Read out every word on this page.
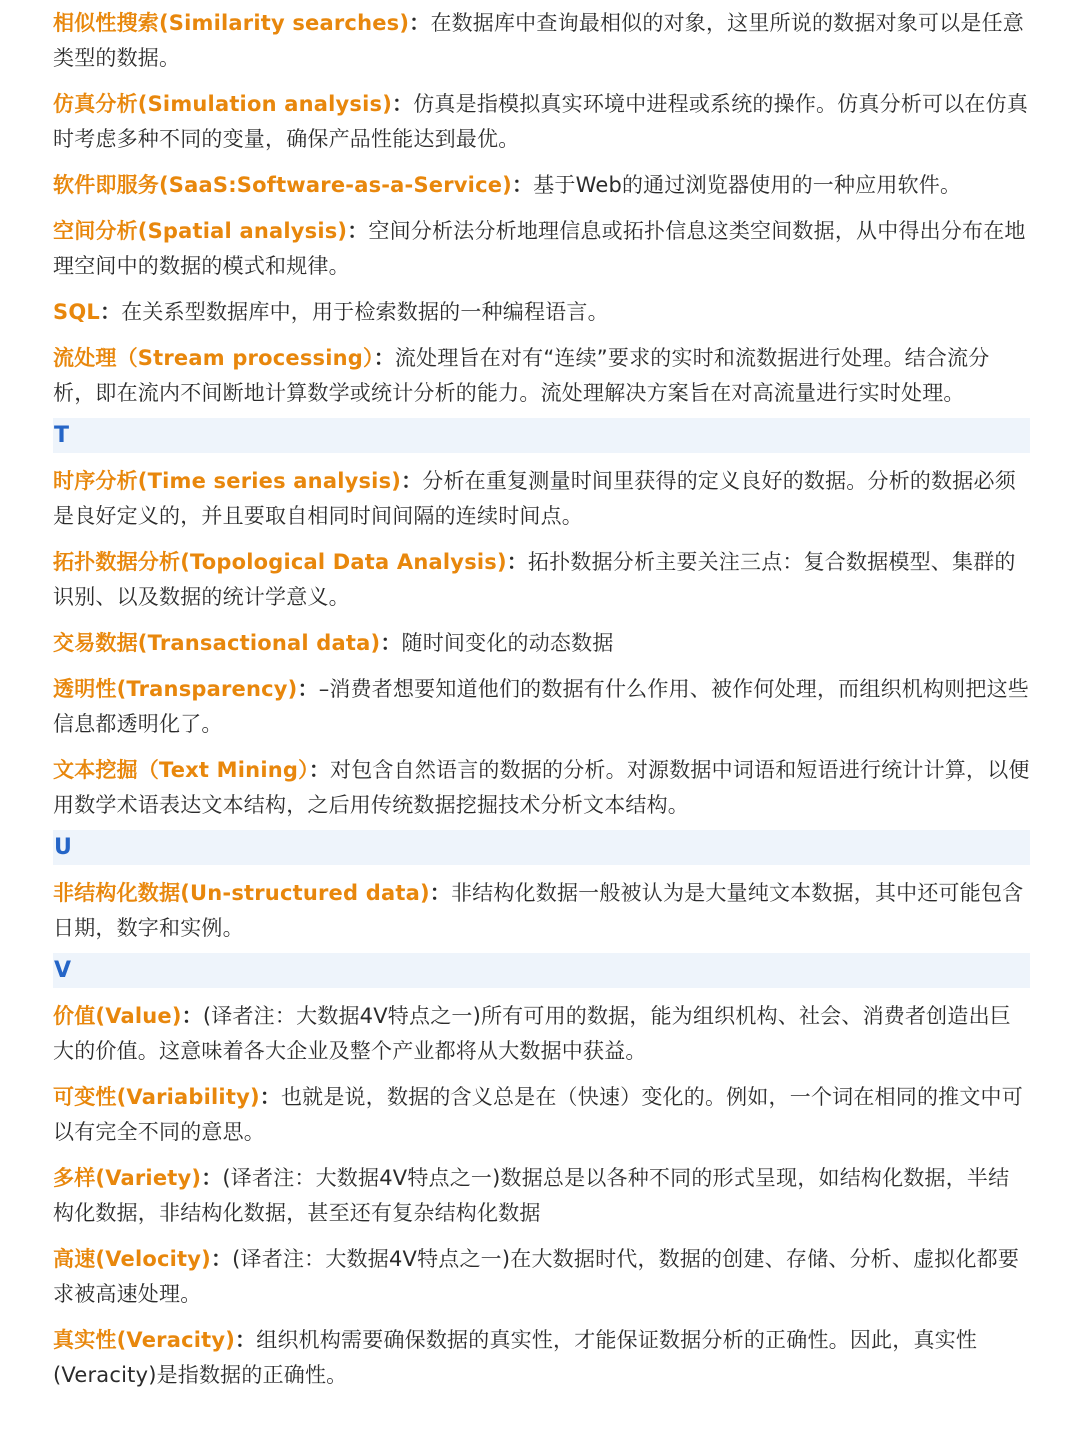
相似性搜索(Similarity searches)：在数据库中查询最相似的对象，这里所说的数据对象可以是任意类型的数据。

仿真分析(Simulation analysis)：仿真是指模拟真实环境中进程或系统的操作。仿真分析可以在仿真时考虑多种不同的变量，确保产品性能达到最优。

软件即服务(SaaS:Software-as-a-Service)：基于Web的通过浏览器使用的一种应用软件。

空间分析(Spatial analysis)：空间分析法分析地理信息或拓扑信息这类空间数据，从中得出分布在地理空间中的数据的模式和规律。

SQL：在关系型数据库中，用于检索数据的一种编程语言。

流处理（Stream processing）：流处理旨在对有“连续”要求的实时和流数据进行处理。结合流分析，即在流内不间断地计算数学或统计分析的能力。流处理解决方案旨在对高流量进行实时处理。

T

时序分析(Time series analysis)：分析在重复测量时间里获得的定义良好的数据。分析的数据必须是良好定义的，并且要取自相同时间间隔的连续时间点。

拓扑数据分析(Topological Data Analysis)：拓扑数据分析主要关注三点：复合数据模型、集群的识别、以及数据的统计学意义。

交易数据(Transactional data)：随时间变化的动态数据

透明性(Transparency)：–消费者想要知道他们的数据有什么作用、被作何处理，而组织机构则把这些信息都透明化了。

文本挖掘（Text Mining）：对包含自然语言的数据的分析。对源数据中词语和短语进行统计计算，以便用数学术语表达文本结构，之后用传统数据挖掘技术分析文本结构。

U

非结构化数据(Un-structured data)：非结构化数据一般被认为是大量纯文本数据，其中还可能包含日期，数字和实例。

V

价值(Value)：(译者注：大数据4V特点之一)所有可用的数据，能为组织机构、社会、消费者创造出巨大的价值。这意味着各大企业及整个产业都将从大数据中获益。

可变性(Variability)：也就是说，数据的含义总是在（快速）变化的。例如，一个词在相同的推文中可以有完全不同的意思。

多样(Variety)：(译者注：大数据4V特点之一)数据总是以各种不同的形式呈现，如结构化数据，半结构化数据，非结构化数据，甚至还有复杂结构化数据

高速(Velocity)：(译者注：大数据4V特点之一)在大数据时代，数据的创建、存储、分析、虚拟化都要求被高速处理。

真实性(Veracity)：组织机构需要确保数据的真实性，才能保证数据分析的正确性。因此，真实性(Veracity)是指数据的正确性。
